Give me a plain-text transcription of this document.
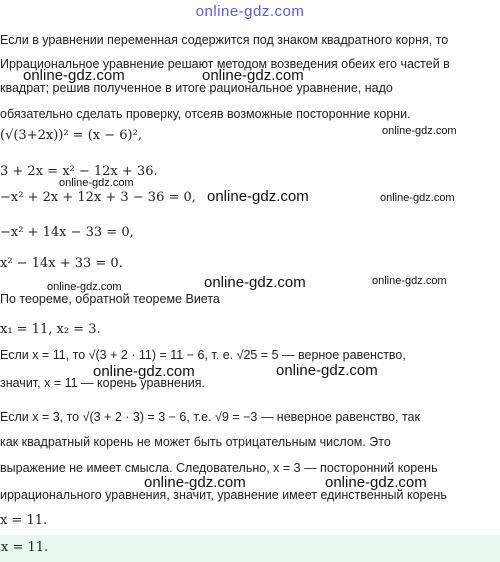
online-gdz.com
Если в уравнении переменная содержится под знаком квадратного корня, то
Иррациональное уравнение решают методом возведения обеих его частей в
квадрат; решив полученное в итоге рациональное уравнение, надо
обязательно сделать проверку, отсеяв возможные посторонние корни.
(√(3+2x))² = (x − 6)²,
3 + 2x = x² − 12x + 36.
−x² + 2x + 12x + 3 − 36 = 0,
−x² + 14x − 33 = 0,
x² − 14x + 33 = 0.
По теореме, обратной теореме Виета
x₁ = 11, x₂ = 3.
Если x = 11, то √(3 + 2 · 11) = 11 − 6, т. е. √25 = 5 — верное равенство,
значит, x = 11 — корень уравнения.
Если x = 3, то √(3 + 2 · 3) = 3 − 6, т.е. √9 = −3 — неверное равенство, так
как квадратный корень не может быть отрицательным числом. Это
выражение не имеет смысла. Следовательно, x = 3 — посторонний корень
иррационального уравнения, значит, уравнение имеет единственный корень
x = 11.
x = 11.
online-gdz.com	online-gdz.com
online-gdz.com
online-gdz.com
online-gdz.com	online-gdz.com
online-gdz.com	online-gdz.com
online-gdz.com
online-gdz.com	online-gdz.com
online-gdz.com	online-gdz.com
